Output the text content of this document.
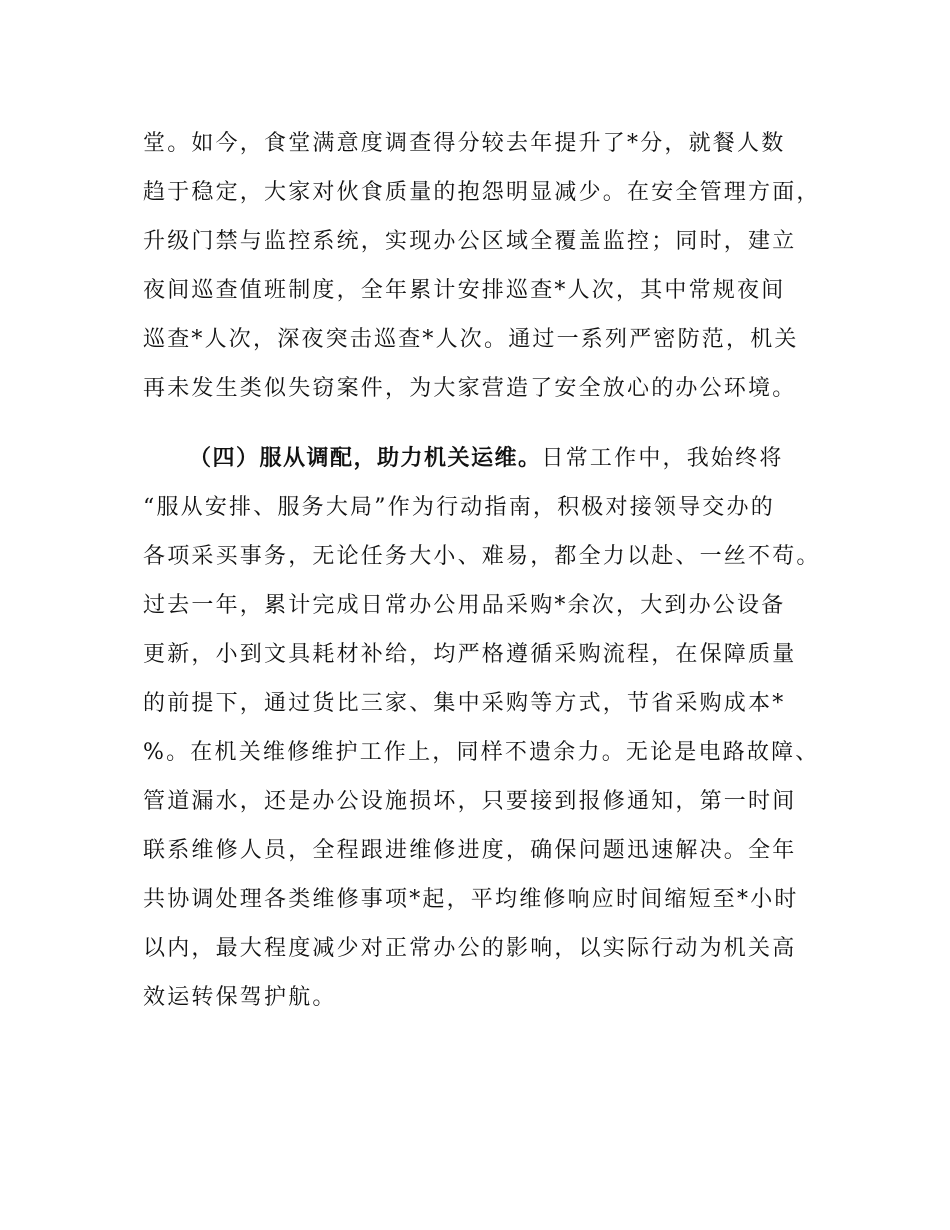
堂。如今，食堂满意度调查得分较去年提升了*分，就餐人数
趋于稳定，大家对伙食质量的抱怨明显减少。在安全管理方面，
升级门禁与监控系统，实现办公区域全覆盖监控；同时，建立
夜间巡查值班制度，全年累计安排巡查*人次，其中常规夜间
巡查*人次，深夜突击巡查*人次。通过一系列严密防范，机关
再未发生类似失窃案件，为大家营造了安全放心的办公环境。
（四）服从调配，助力机关运维。日常工作中，我始终将
“服从安排、服务大局”作为行动指南，积极对接领导交办的
各项采买事务，无论任务大小、难易，都全力以赴、一丝不苟。
过去一年，累计完成日常办公用品采购*余次，大到办公设备
更新，小到文具耗材补给，均严格遵循采购流程，在保障质量
的前提下，通过货比三家、集中采购等方式，节省采购成本*
%。在机关维修维护工作上，同样不遗余力。无论是电路故障、
管道漏水，还是办公设施损坏，只要接到报修通知，第一时间
联系维修人员，全程跟进维修进度，确保问题迅速解决。全年
共协调处理各类维修事项*起，平均维修响应时间缩短至*小时
以内，最大程度减少对正常办公的影响，以实际行动为机关高
效运转保驾护航。
